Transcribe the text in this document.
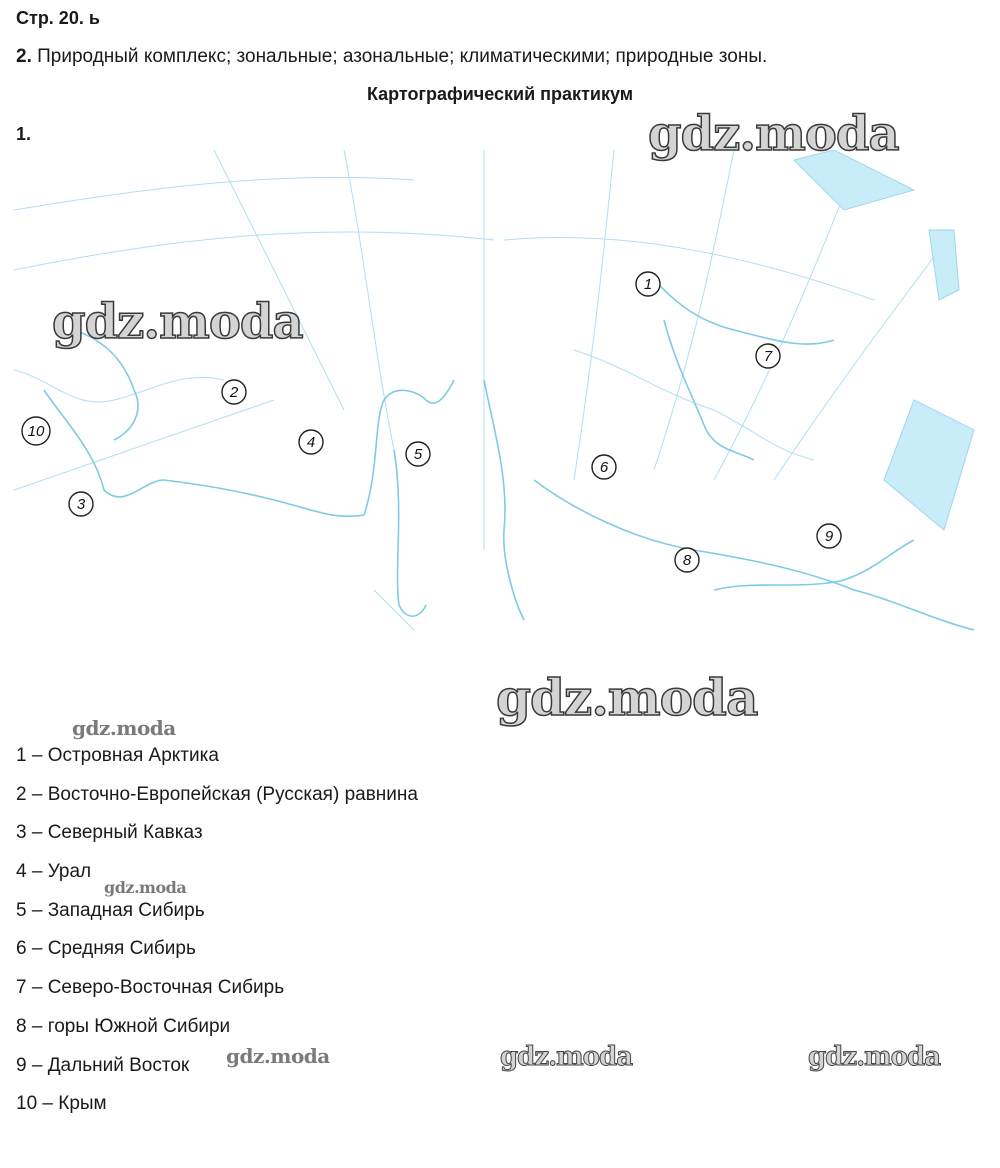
Стр. 20. ь
2. Природный комплекс; зональные; азональные; климатическими; природные зоны.
Картографический практикум
1.
1
2
3
4
5
6
7
8
9
10
1 – Островная Арктика
2 – Восточно-Европейская (Русская) равнина
3 – Северный Кавказ
4 – Урал
5 – Западная Сибирь
6 – Средняя Сибирь
7 – Северо-Восточная Сибирь
8 – горы Южной Сибири
9 – Дальний Восток
10 – Крым
gdz.moda
gdz.moda
gdz.moda
gdz.moda
gdz.moda
gdz.moda	gdz.moda	gdz.moda
